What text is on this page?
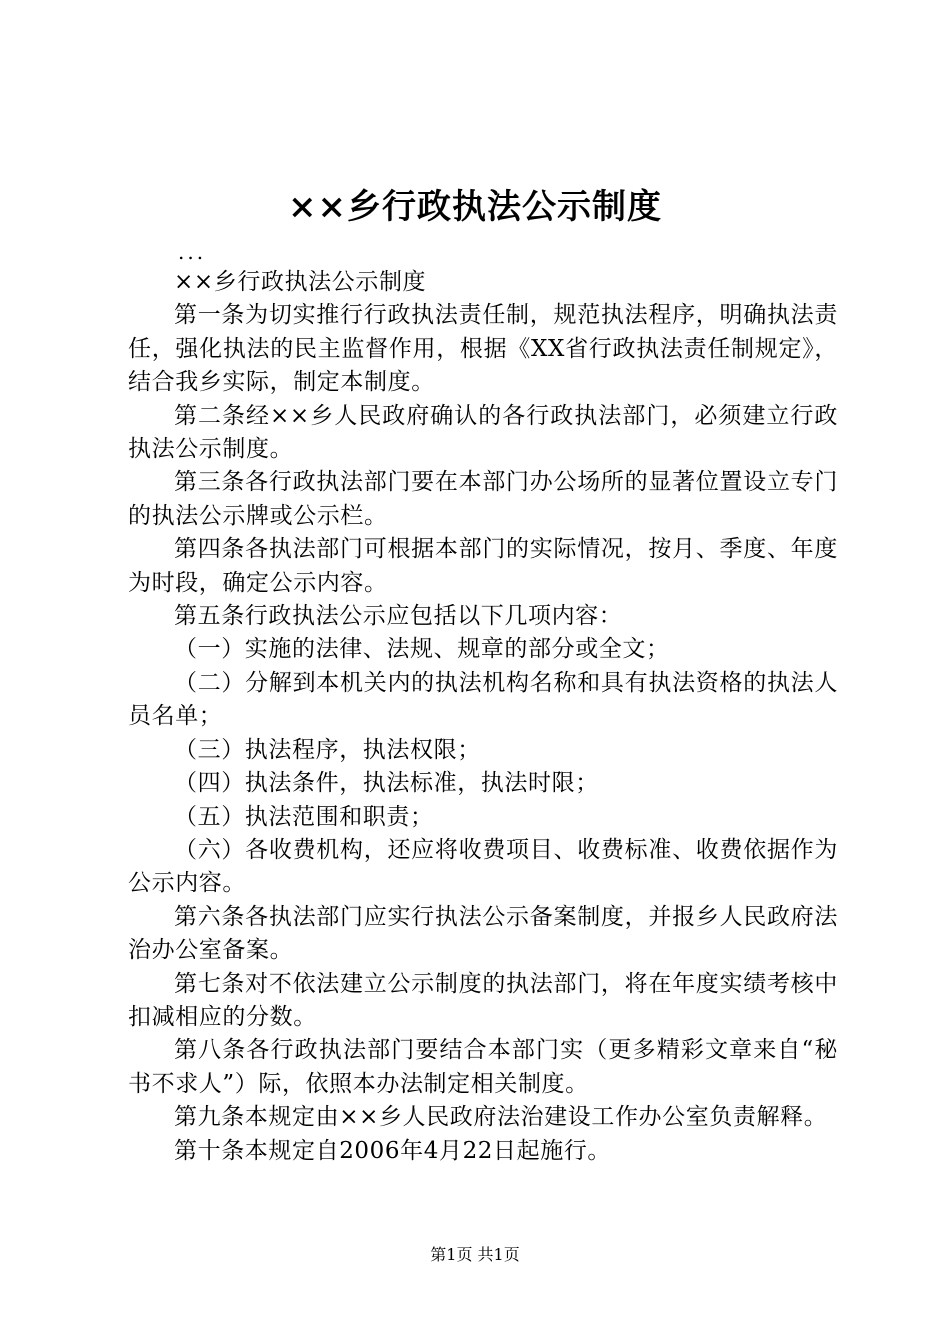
××乡行政执法公示制度
...

××乡行政执法公示制度

第一条为切实推行行政执法责任制，规范执法程序，明确执法责任，强化执法的民主监督作用，根据《XX省行政执法责任制规定》，结合我乡实际，制定本制度。

第二条经××乡人民政府确认的各行政执法部门，必须建立行政执法公示制度。

第三条各行政执法部门要在本部门办公场所的显著位置设立专门的执法公示牌或公示栏。

第四条各执法部门可根据本部门的实际情况，按月、季度、年度为时段，确定公示内容。

第五条行政执法公示应包括以下几项内容：

（一）实施的法律、法规、规章的部分或全文；

（二）分解到本机关内的执法机构名称和具有执法资格的执法人员名单；

（三）执法程序，执法权限；

（四）执法条件，执法标准，执法时限；

（五）执法范围和职责；

（六）各收费机构，还应将收费项目、收费标准、收费依据作为公示内容。

第六条各执法部门应实行执法公示备案制度，并报乡人民政府法治办公室备案。

第七条对不依法建立公示制度的执法部门，将在年度实绩考核中扣减相应的分数。

第八条各行政执法部门要结合本部门实（更多精彩文章来自“秘书不求人”）际，依照本办法制定相关制度。

第九条本规定由××乡人民政府法治建设工作办公室负责解释。

第十条本规定自2006年4月22日起施行。

第1页 共1页
